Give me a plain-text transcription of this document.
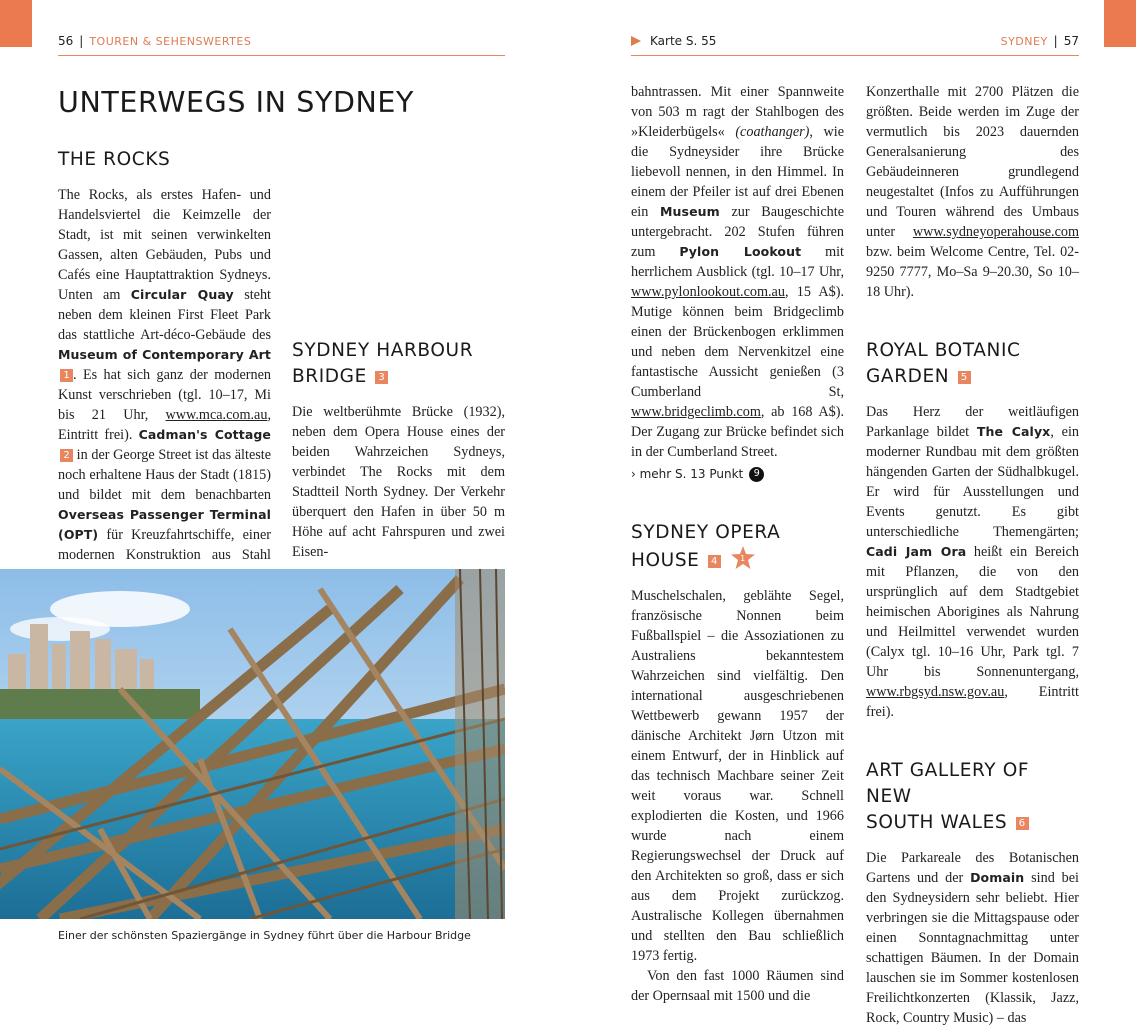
56 | TOUREN & SEHENSWERTES	Karte S. 55	SYDNEY | 57
UNTERWEGS IN SYDNEY
THE ROCKS

The Rocks, als erstes Hafen- und Handelsviertel die Keimzelle der Stadt, ist mit seinen verwinkelten Gassen, alten Gebäuden, Pubs und Cafés eine Hauptattraktion Sydneys. Unten am Circular Quay steht neben dem kleinen First Fleet Park das stattliche Art-déco-Gebäude des Museum of Contemporary Art 1 . Es hat sich ganz der modernen Kunst verschrieben (tgl. 10–17, Mi bis 21 Uhr, www.mca.com.au, Eintritt frei). Cadman's Cottage 2 in der George Street ist das älteste noch erhaltene Haus der Stadt (1815) und bildet mit dem benachbarten Overseas Passenger Terminal (OPT) für Kreuzfahrtschiffe, einer modernen Konstruktion aus Stahl

SYDNEY HARBOUR BRIDGE 3

Die weltberühmte Brücke (1932), neben dem Opera House eines der beiden Wahrzeichen Sydneys, verbindet The Rocks mit dem Stadtteil North Sydney. Der Verkehr überquert den Hafen in über 50 m Höhe auf acht Fahrspuren und zwei Eisen-

Einer der schönsten Spaziergänge in Sydney führt über die Harbour Bridge

bahntrassen. Mit einer Spannweite von 503 m ragt der Stahlbogen des »Kleiderbügels« (coathanger), wie die Sydneysider ihre Brücke liebevoll nennen, in den Himmel. In einem der Pfeiler ist auf drei Ebenen ein Museum zur Baugeschichte untergebracht. 202 Stufen führen zum Pylon Lookout mit herrlichem Ausblick (tgl. 10–17 Uhr, www.pylonlookout.com.au, 15 A$). Mutige können beim Bridgeclimb einen der Brückenbogen erklimmen und neben dem Nervenkitzel eine fantastische Aussicht genießen (3 Cumberland St, www.bridgeclimb.com, ab 168 A$). Der Zugang zur Brücke befindet sich in der Cumberland Street.

› mehr S. 13 Punkt	9
SYDNEY OPERA
HOUSE 4	1

Muschelschalen, geblähte Segel, französische Nonnen beim Fußballspiel – die Assoziationen zu Australiens bekanntestem Wahrzeichen sind vielfältig. Den international ausgeschriebenen Wettbewerb gewann 1957 der dänische Architekt Jørn Utzon mit einem Entwurf, der in Hinblick auf das technisch Machbare seiner Zeit weit voraus war. Schnell explodierten die Kosten, und 1966 wurde nach einem Regierungswechsel der Druck auf den Architekten so groß, dass er sich aus dem Projekt zurückzog. Australische Kollegen übernahmen und stellten den Bau schließlich 1973 fertig.

Von den fast 1000 Räumen sind der Opernsaal mit 1500 und die

Konzerthalle mit 2700 Plätzen die größten. Beide werden im Zuge der vermutlich bis 2023 dauernden Generalsanierung des Gebäudeinneren grundlegend neugestaltet (Infos zu Aufführungen und Touren während des Umbaus unter www.sydneyoperahouse.com bzw. beim Welcome Centre, Tel. 02-9250 7777, Mo–Sa 9–20.30, So 10–18 Uhr).

ROYAL BOTANIC
GARDEN 5

Das Herz der weitläufigen Parkanlage bildet The Calyx, ein moderner Rundbau mit dem größten hängenden Garten der Südhalbkugel. Er wird für Ausstellungen und Events genutzt. Es gibt unterschiedliche Themengärten; Cadi Jam Ora heißt ein Bereich mit Pflanzen, die von den ursprünglich auf dem Stadtgebiet heimischen Aborigines als Nahrung und Heilmittel verwendet wurden (Calyx tgl. 10–16 Uhr, Park tgl. 7 Uhr bis Sonnenuntergang, www.rbgsyd.nsw.gov.au, Eintritt frei).

ART GALLERY OF NEW
SOUTH WALES 6

Die Parkareale des Botanischen Gartens und der Domain sind bei den Sydneysidern sehr beliebt. Hier verbringen sie die Mittagspause oder einen Sonntagnachmittag unter schattigen Bäumen. In der Domain lauschen sie im Sommer kostenlosen Freilichtkonzerten (Klassik, Jazz, Rock, Country Music) – das
